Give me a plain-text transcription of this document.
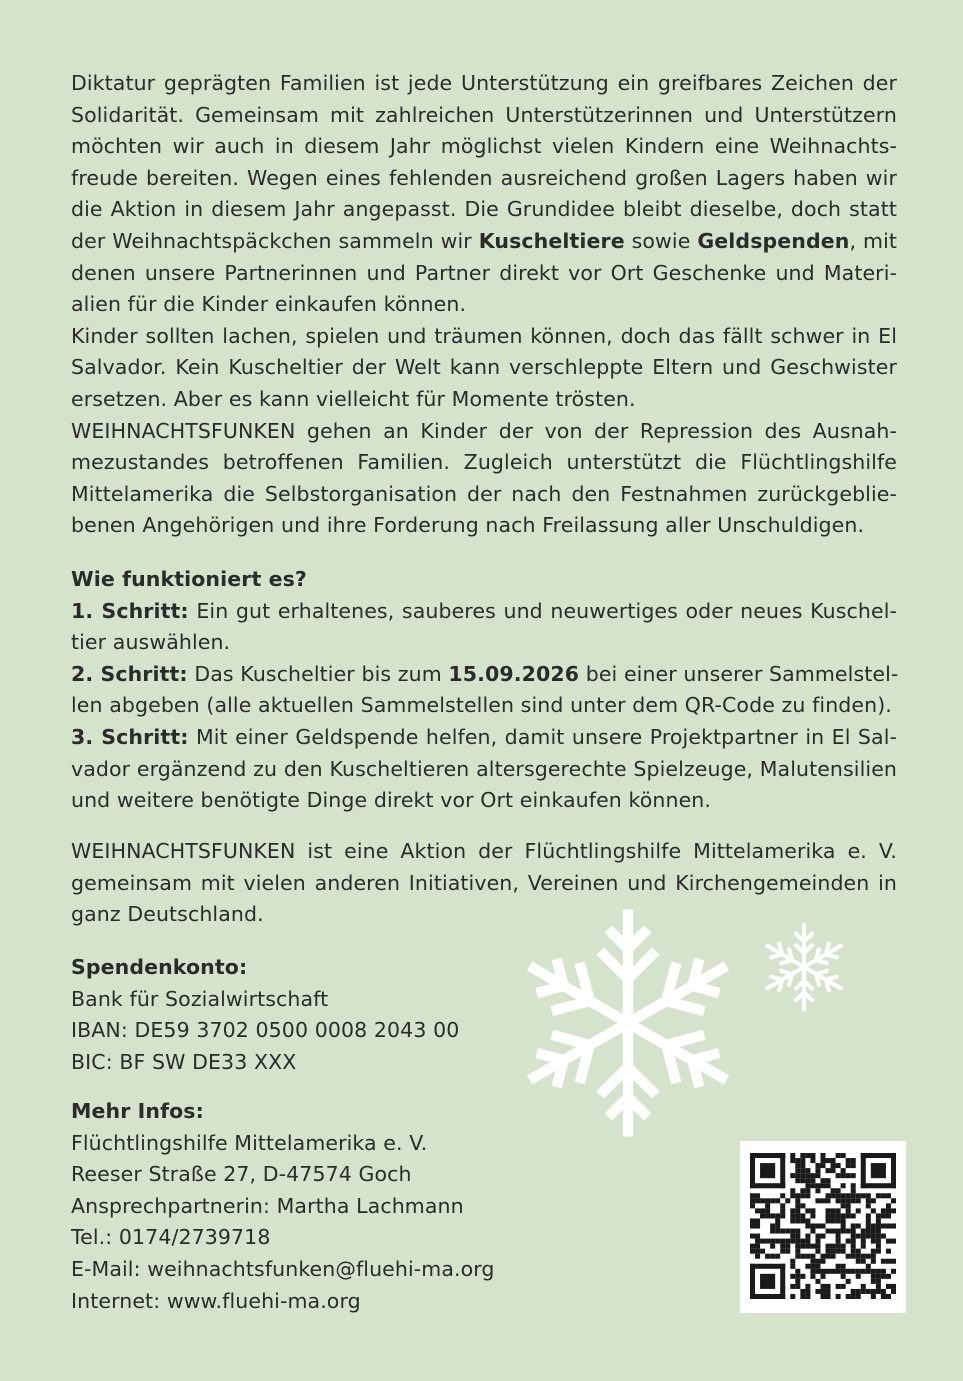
Diktatur geprägten Familien ist jede Unterstützung ein greifbares Zeichen der
Solidarität. Gemeinsam mit zahlreichen Unterstützerinnen und Unterstützern
möchten wir auch in diesem Jahr möglichst vielen Kindern eine Weihnachts-
freude bereiten. Wegen eines fehlenden ausreichend großen Lagers haben wir
die Aktion in diesem Jahr angepasst. Die Grundidee bleibt dieselbe, doch statt
der Weihnachtspäckchen sammeln wir Kuscheltiere sowie Geldspenden, mit
denen unsere Partnerinnen und Partner direkt vor Ort Geschenke und Materi-
alien für die Kinder einkaufen können.
Kinder sollten lachen, spielen und träumen können, doch das fällt schwer in El
Salvador. Kein Kuscheltier der Welt kann verschleppte Eltern und Geschwister
ersetzen. Aber es kann vielleicht für Momente trösten.
WEIHNACHTSFUNKEN gehen an Kinder der von der Repression des Ausnah-
mezustandes betroffenen Familien. Zugleich unterstützt die Flüchtlingshilfe
Mittelamerika die Selbstorganisation der nach den Festnahmen zurückgeblie-
benen Angehörigen und ihre Forderung nach Freilassung aller Unschuldigen.
Wie funktioniert es?
1. Schritt: Ein gut erhaltenes, sauberes und neuwertiges oder neues Kuschel-
tier auswählen.
2. Schritt: Das Kuscheltier bis zum 15.09.2026 bei einer unserer Sammelstel-
len abgeben (alle aktuellen Sammelstellen sind unter dem QR-Code zu finden).
3. Schritt: Mit einer Geldspende helfen, damit unsere Projektpartner in El Sal-
vador ergänzend zu den Kuscheltieren altersgerechte Spielzeuge, Malutensilien
und weitere benötigte Dinge direkt vor Ort einkaufen können.
WEIHNACHTSFUNKEN ist eine Aktion der Flüchtlingshilfe Mittelamerika e. V.
gemeinsam mit vielen anderen Initiativen, Vereinen und Kirchengemeinden in
ganz Deutschland.
Spendenkonto:
Bank für Sozialwirtschaft
IBAN: DE59 3702 0500 0008 2043 00
BIC: BF SW DE33 XXX
Mehr Infos:
Flüchtlingshilfe Mittelamerika e. V.
Reeser Straße 27, D-47574 Goch
Ansprechpartnerin: Martha Lachmann
Tel.: 0174/2739718
E-Mail: weihnachtsfunken@fluehi-ma.org
Internet: www.fluehi-ma.org
